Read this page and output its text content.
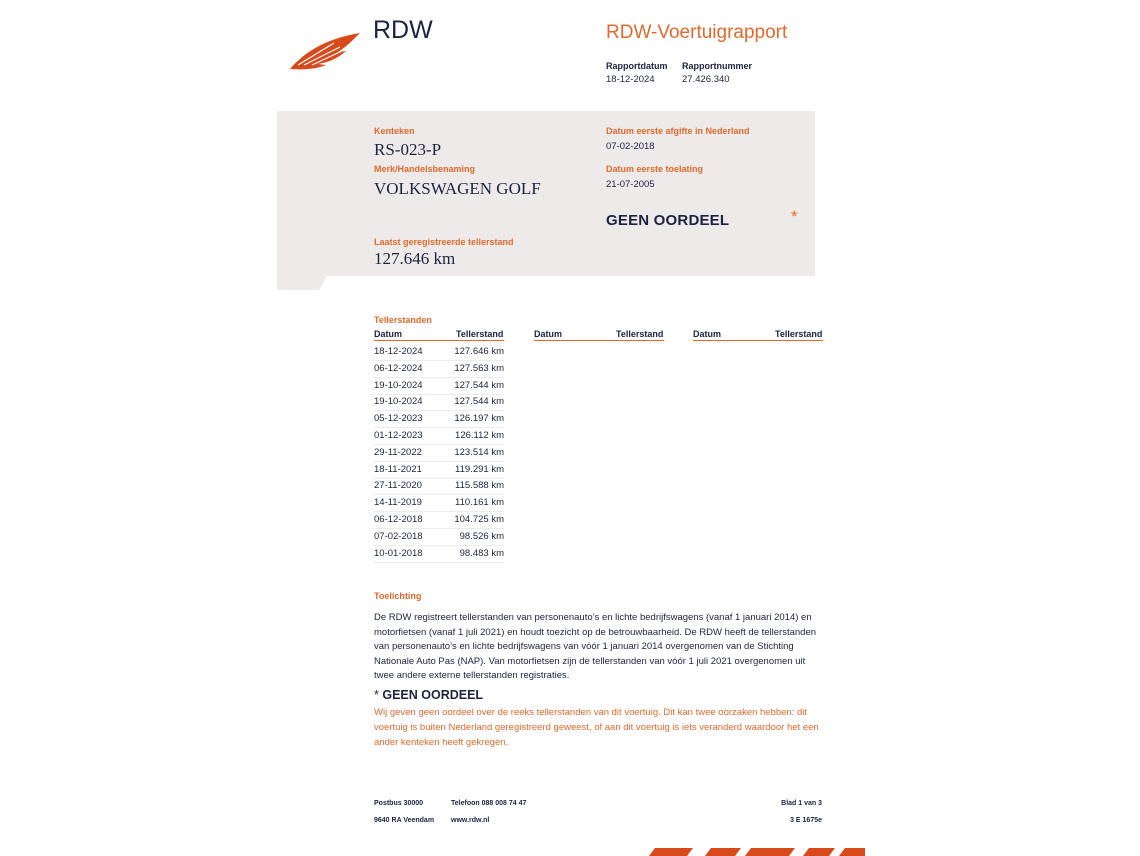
RDW	RDW-Voertuigrapport
Rapportdatum
18-12-2024
Rapportnummer
27.426.340
Kenteken
RS-023-P
Merk/Handelsbenaming
VOLKSWAGEN GOLF
Laatst geregistreerde tellerstand
127.646 km
Datum eerste afgifte in Nederland
07-02-2018
Datum eerste toelating
21-07-2005
GEEN OORDEEL	*
Tellerstanden
Datum	Tellerstand	Datum	Tellerstand	Datum	Tellerstand
18-12-2024	127.646 km
06-12-2024	127.563 km
19-10-2024	127.544 km
19-10-2024	127.544 km
05-12-2023	126.197 km
01-12-2023	126.112 km
29-11-2022	123.514 km
18-11-2021	119.291 km
27-11-2020	115.588 km
14-11-2019	110.161 km
06-12-2018	104.725 km
07-02-2018	98.526 km
10-01-2018	98.483 km
Toelichting
De RDW registreert tellerstanden van personenauto’s en lichte bedrijfswagens (vanaf 1 januari 2014) en motorfietsen (vanaf 1 juli 2021) en houdt toezicht op de betrouwbaarheid. De RDW heeft de tellerstanden van personenauto’s en lichte bedrijfswagens van vóór 1 januari 2014 overgenomen van de Stichting Nationale Auto Pas (NAP). Van motorfietsen zijn de tellerstanden van vóór 1 juli 2021 overgenomen uit twee andere externe tellerstanden registraties.
* GEEN OORDEEL
Wij geven geen oordeel over de reeks tellerstanden van dit voertuig. Dit kan twee oorzaken hebben: dit voertuig is buiten Nederland geregistreerd geweest, of aan dit voertuig is iets veranderd waardoor het een ander kenteken heeft gekregen.
Postbus 30000
9640 RA Veendam
Telefoon 088 008 74 47
www.rdw.nl
Blad 1 van 3
3 E 1675e
